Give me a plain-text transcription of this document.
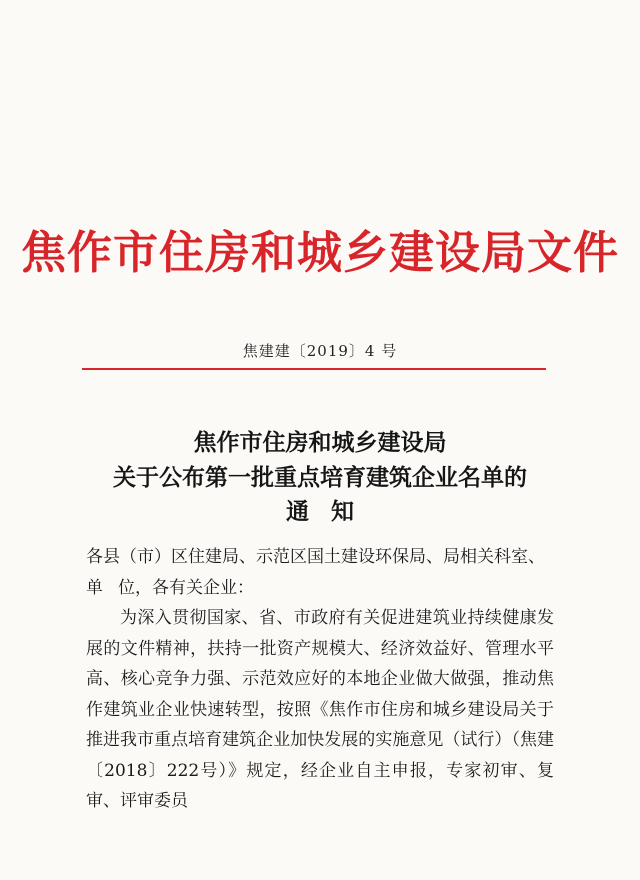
焦作市住房和城乡建设局文件
焦建建〔2019〕4 号
焦作市住房和城乡建设局
关于公布第一批重点培育建筑企业名单的
通知
各县（市）区住建局、示范区国土建设环保局、局相关科室、单 位，各有关企业：
为深入贯彻国家、省、市政府有关促进建筑业持续健康发展的文件精神，扶持一批资产规模大、经济效益好、管理水平高、核心竞争力强、示范效应好的本地企业做大做强，推动焦作建筑业企业快速转型，按照《焦作市住房和城乡建设局关于推进我市重点培育建筑企业加快发展的实施意见（试行）（焦建〔2018〕222号）》规定，经企业自主申报，专家初审、复审、评审委员
